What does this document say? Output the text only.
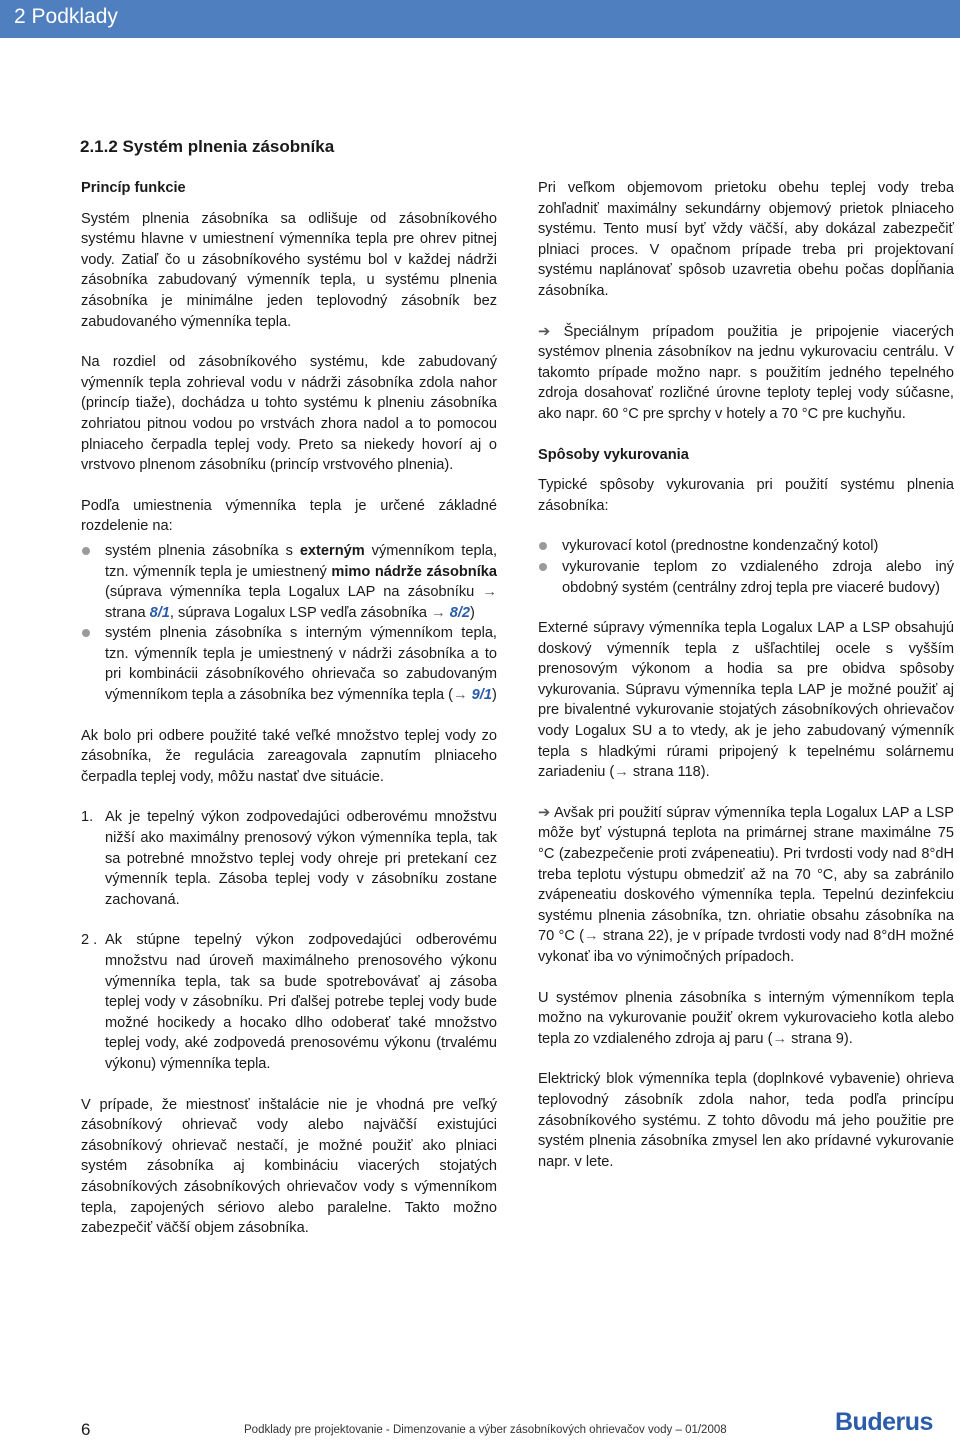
2 Podklady
2.1.2 Systém plnenia zásobníka
Princíp funkcie

Systém plnenia zásobníka sa odlišuje od zásobníkového systému hlavne v umiestnení výmenníka tepla pre ohrev pitnej vody. Zatiaľ čo u zásobníkového systému bol v každej nádrži zásobníka zabudovaný výmenník tepla, u systému plnenia zásobníka je minimálne jeden teplovodný zásobník bez zabudovaného výmenníka tepla.

Na rozdiel od zásobníkového systému, kde zabudovaný výmenník tepla zohrieval vodu v nádrži zásobníka zdola nahor (princíp tiaže), dochádza u tohto systému k plneniu zásobníka zohriatou pitnou vodou po vrstvách zhora nadol a to pomocou plniaceho čerpadla teplej vody. Preto sa niekedy hovorí aj o vrstvovo plnenom zásobníku (princíp vrstvového plnenia).

Podľa umiestnenia výmenníka tepla je určené základné rozdelenie na:

systém plnenia zásobníka s externým výmenníkom tepla, tzn. výmenník tepla je umiestnený mimo nádrže zásobníka (súprava výmenníka tepla Logalux LAP na zásobníku → strana 8/1, súprava Logalux LSP vedľa zásobníka → 8/2)
systém plnenia zásobníka s interným výmenníkom tepla, tzn. výmenník tepla je umiestnený v nádrži zásobníka a to pri kombinácii zásobníkového ohrievača so zabudovaným výmenníkom tepla a zásobníka bez výmenníka tepla (→ 9/1)

Ak bolo pri odbere použité také veľké množstvo teplej vody zo zásobníka, že regulácia zareagovala zapnutím plniaceho čerpadla teplej vody, môžu nastať dve situácie.

1. Ak je tepelný výkon zodpovedajúci odberovému množstvu nižší ako maximálny prenosový výkon výmenníka tepla, tak sa potrebné množstvo teplej vody ohreje pri pretekaní cez výmenník tepla. Zásoba teplej vody v zásobníku zostane zachovaná.
2 . Ak stúpne tepelný výkon zodpovedajúci odberovému množstvu nad úroveň maximálneho prenosového výkonu výmenníka tepla, tak sa bude spotrebovávať aj zásoba teplej vody v zásobníku. Pri ďalšej potrebe teplej vody bude možné hocikedy a hocako dlho odoberať také množstvo teplej vody, aké zodpovedá prenosovému výkonu (trvalému výkonu) výmenníka tepla.

V prípade, že miestnosť inštalácie nie je vhodná pre veľký zásobníkový ohrievač vody alebo najväčší existujúci zásobníkový ohrievač nestačí, je možné použiť ako plniaci systém zásobníka aj kombináciu viacerých stojatých zásobníkových zásobníkových ohrievačov vody s výmenníkom tepla, zapojených sériovo alebo paralelne. Takto možno zabezpečiť väčší objem zásobníka.

Pri veľkom objemovom prietoku obehu teplej vody treba zohľadniť maximálny sekundárny objemový prietok plniaceho systému. Tento musí byť vždy väčší, aby dokázal zabezpečiť plniaci proces. V opačnom prípade treba pri projektovaní systému naplánovať spôsob uzavretia obehu počas dopĺňania zásobníka.

➔ Špeciálnym prípadom použitia je pripojenie viacerých systémov plnenia zásobníkov na jednu vykurovaciu centrálu. V takomto prípade možno napr. s použitím jedného tepelného zdroja dosahovať rozličné úrovne teploty teplej vody súčasne, ako napr. 60 °C pre sprchy v hotely a 70 °C pre kuchyňu.

Spôsoby vykurovania

Typické spôsoby vykurovania pri použití systému plnenia zásobníka:

vykurovací kotol (prednostne kondenzačný kotol)
vykurovanie teplom zo vzdialeného zdroja alebo iný obdobný systém (centrálny zdroj tepla pre viaceré budovy)

Externé súpravy výmenníka tepla Logalux LAP a LSP obsahujú doskový výmenník tepla z ušľachtilej ocele s vyšším prenosovým výkonom a hodia sa pre obidva spôsoby vykurovania. Súpravu výmenníka tepla LAP je možné použiť aj pre bivalentné vykurovanie stojatých zásobníkových ohrievačov vody Logalux SU a to vtedy, ak je jeho zabudovaný výmenník tepla s hladkými rúrami pripojený k tepelnému solárnemu zariadeniu (→ strana 118).

➔ Avšak pri použití súprav výmenníka tepla Logalux LAP a LSP môže byť výstupná teplota na primárnej strane maximálne 75 °C (zabezpečenie proti zvápeneatiu). Pri tvrdosti vody nad 8°dH treba teplotu výstupu obmedziť až na 70 °C, aby sa zabránilo zvápeneatiu doskového výmenníka tepla. Tepelnú dezinfekciu systému plnenia zásobníka, tzn. ohriatie obsahu zásobníka na 70 °C (→ strana 22), je v prípade tvrdosti vody nad 8°dH možné vykonať iba vo výnimočných prípadoch.

U systémov plnenia zásobníka s interným výmenníkom tepla možno na vykurovanie použiť okrem vykurovacieho kotla alebo tepla zo vzdialeného zdroja aj paru (→ strana 9).

Elektrický blok výmenníka tepla (doplnkové vybavenie) ohrieva teplovodný zásobník zdola nahor, teda podľa princípu zásobníkového systému. Z tohto dôvodu má jeho použitie pre systém plnenia zásobníka zmysel len ako prídavné vykurovanie napr. v lete.

6	Podklady pre projektovanie - Dimenzovanie a výber zásobníkových ohrievačov vody – 01/2008	Buderus
